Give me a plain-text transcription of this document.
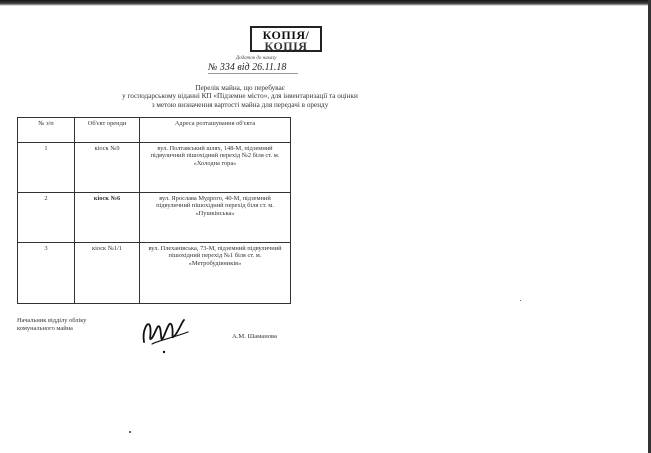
КОПІЯ/
КОПІЯ
Додаток до наказу
№ 334 від 26.11.18
Перелік майна, що перебуває
у господарському віданні КП «Підземне місто», для інвентаризації та оцінки
з метою визначення вартості майна для передачі в оренду
№ з/п	Об'єкт оренди	Адреса розташування об'єкта
1	кіоск №9	вул. Полтавський шлях, 148-М, підземний підвуличний пішохідний перехід №2 біля ст. м. «Холодна гора»
2	кіоск №6	вул. Ярослава Мудрого, 40-М, підземний підвуличний пішохідний перехід біля ст. м. «Пушкінська»
3	кіоск №1/1	вул. Плеханівська, 73-М, підземний підвуличний пішохідний перехід №1 біля ст. м. «Метробудівників»
Начальник відділу обліку
комунального майна
А.М. Шаманова
